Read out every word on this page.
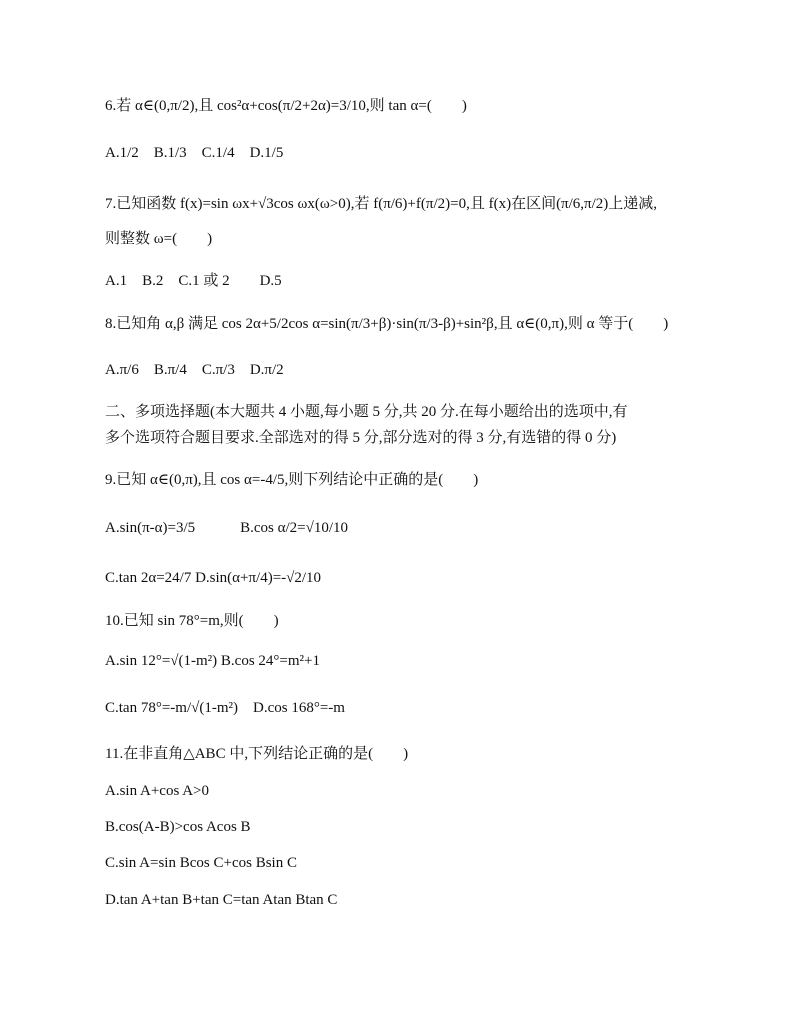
6.若 α∈(0,π/2),且 cos²α+cos(π/2+2α)=3/10,则 tan α=(　　)
A.1/2　B.1/3　C.1/4　D.1/5
7.已知函数 f(x)=sin ωx+√3cos ωx(ω>0),若 f(π/6)+f(π/2)=0,且 f(x)在区间(π/6,π/2)上递减,
则整数 ω=(　　)
A.1　B.2　C.1 或 2　　D.5
8.已知角 α,β 满足 cos 2α+5/2cos α=sin(π/3+β)·sin(π/3-β)+sin²β,且 α∈(0,π),则 α 等于(　　)
A.π/6　B.π/4　C.π/3　D.π/2
二、多项选择题(本大题共 4 小题,每小题 5 分,共 20 分.在每小题给出的选项中,有
多个选项符合题目要求.全部选对的得 5 分,部分选对的得 3 分,有选错的得 0 分)
9.已知 α∈(0,π),且 cos α=-4/5,则下列结论中正确的是(　　)
A.sin(π-α)=3/5　　　B.cos α/2=√10/10
C.tan 2α=24/7 D.sin(α+π/4)=-√2/10
10.已知 sin 78°=m,则(　　)
A.sin 12°=√(1-m²) B.cos 24°=m²+1
C.tan 78°=-m/√(1-m²)　D.cos 168°=-m
11.在非直角△ABC 中,下列结论正确的是(　　)
A.sin A+cos A>0
B.cos(A-B)>cos Acos B
C.sin A=sin Bcos C+cos Bsin C
D.tan A+tan B+tan C=tan Atan Btan C
